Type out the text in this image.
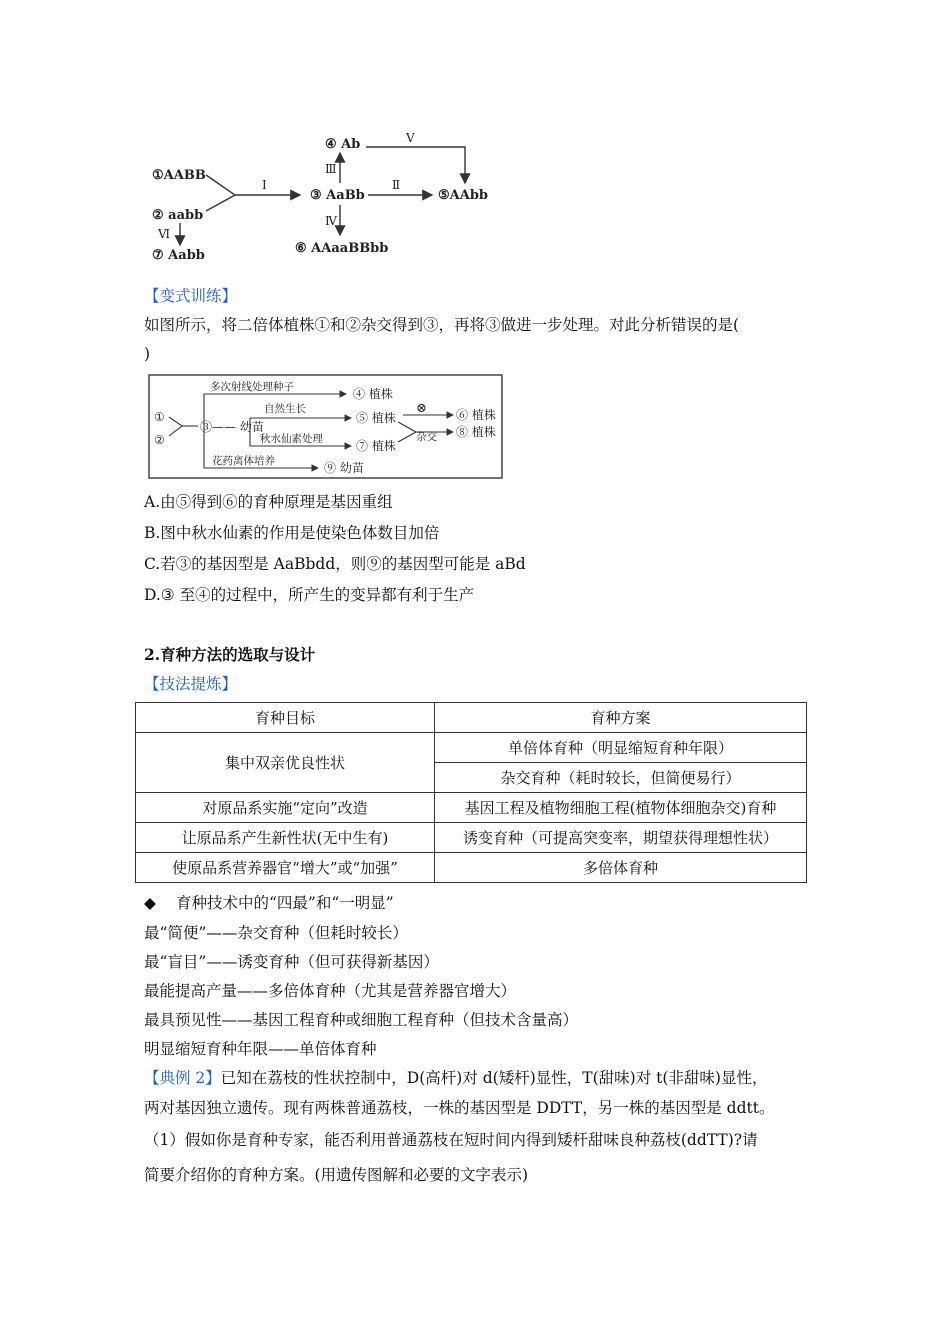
①AABB
② aabb
③ AaBb
④ Ab
⑤AAbb
⑥ AAaaBBbb
⑦ Aabb
Ⅰ	Ⅱ
Ⅲ
Ⅳ
Ⅴ
Ⅵ
【变式训练】
如图所示，将二倍体植株①和②杂交得到③，再将③做进一步处理。对此分析错误的是(
)
①
②
③—— 幼苗
④ 植株
⑤ 植株	⑥ 植株
⑦ 植株
⑧ 植株
⑨ 幼苗
多次射线处理种子
自然生长
秋水仙素处理
花药离体培养
杂交
⊗
A.由⑤得到⑥的育种原理是基因重组
B.图中秋水仙素的作用是使染色体数目加倍
C.若③的基因型是 AaBbdd，则⑨的基因型可能是 aBd
D.③ 至④的过程中，所产生的变异都有利于生产
2.育种方法的选取与设计
【技法提炼】
育种目标	育种方案
集中双亲优良性状	单倍体育种（明显缩短育种年限）
	杂交育种（耗时较长，但简便易行）
对原品系实施“定向”改造	基因工程及植物细胞工程(植物体细胞杂交)育种
让原品系产生新性状(无中生有)	诱变育种（可提高突变率，期望获得理想性状）
使原品系营养器官“增大”或“加强”	多倍体育种
◆ 育种技术中的“四最”和“一明显”
最“简便”——杂交育种（但耗时较长）
最“盲目”——诱变育种（但可获得新基因）
最能提高产量——多倍体育种（尤其是营养器官增大）
最具预见性——基因工程育种或细胞工程育种（但技术含量高）
明显缩短育种年限——单倍体育种
【典例 2】已知在荔枝的性状控制中，D(高杆)对 d(矮杆)显性，T(甜味)对 t(非甜味)显性，
两对基因独立遗传。现有两株普通荔枝，一株的基因型是 DDTT，另一株的基因型是 ddtt。
（1）假如你是育种专家，能否利用普通荔枝在短时间内得到矮杆甜味良种荔枝(ddTT)?请
简要介绍你的育种方案。(用遗传图解和必要的文字表示)
